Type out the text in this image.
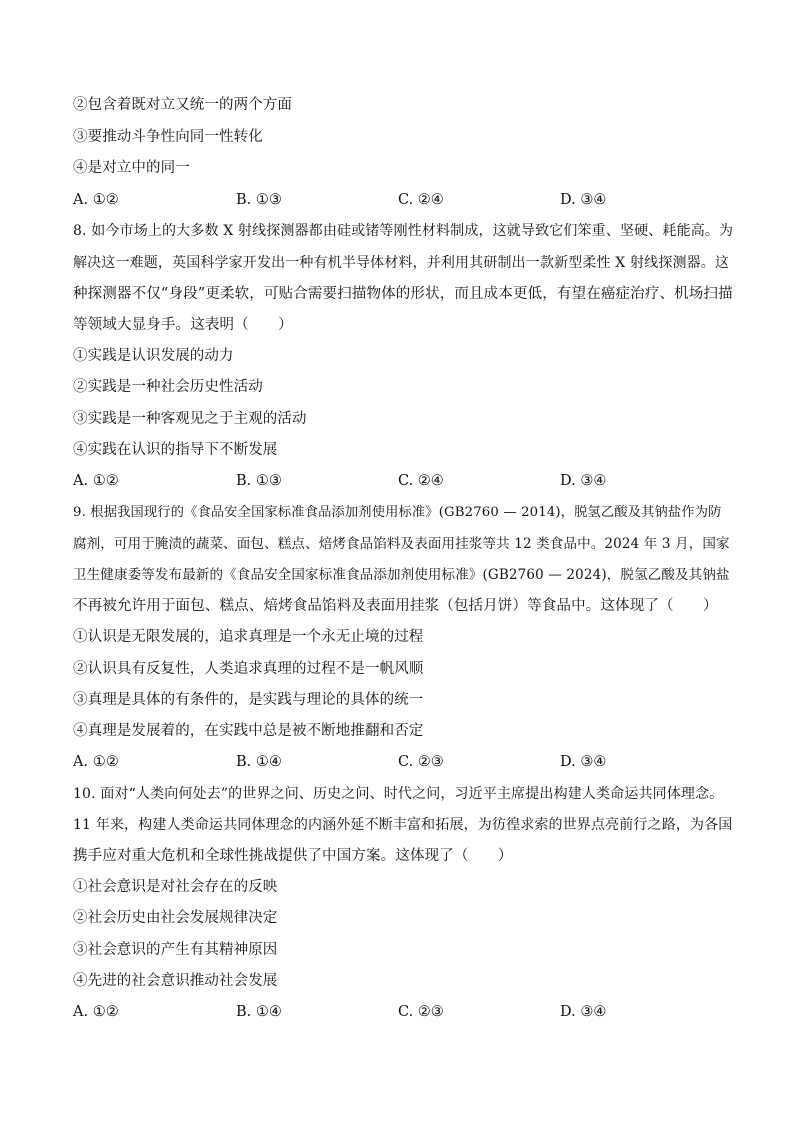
②包含着既对立又统一的两个方面
③要推动斗争性向同一性转化
④是对立中的同一
A. ①②	B. ①③	C. ②④	D. ③④
8. 如今市场上的大多数 X 射线探测器都由硅或锗等刚性材料制成，这就导致它们笨重、坚硬、耗能高。为
解决这一难题，英国科学家开发出一种有机半导体材料，并利用其研制出一款新型柔性 X 射线探测器。这
种探测器不仅“身段”更柔软，可贴合需要扫描物体的形状，而且成本更低，有望在癌症治疗、机场扫描
等领域大显身手。这表明（　　）
①实践是认识发展的动力
②实践是一种社会历史性活动
③实践是一种客观见之于主观的活动
④实践在认识的指导下不断发展
A. ①②	B. ①③	C. ②④	D. ③④
9. 根据我国现行的《食品安全国家标准食品添加剂使用标准》(GB2760 — 2014)，脱氢乙酸及其钠盐作为防
腐剂，可用于腌渍的蔬菜、面包、糕点、焙烤食品馅料及表面用挂浆等共 12 类食品中。2024 年 3 月，国家
卫生健康委等发布最新的《食品安全国家标准食品添加剂使用标准》(GB2760 — 2024)，脱氢乙酸及其钠盐
不再被允许用于面包、糕点、焙烤食品馅料及表面用挂浆（包括月饼）等食品中。这体现了（　　）
①认识是无限发展的，追求真理是一个永无止境的过程
②认识具有反复性，人类追求真理的过程不是一帆风顺
③真理是具体的有条件的，是实践与理论的具体的统一
④真理是发展着的，在实践中总是被不断地推翻和否定
A. ①②	B. ①④	C. ②③	D. ③④
10. 面对“人类向何处去”的世界之问、历史之问、时代之问，习近平主席提出构建人类命运共同体理念。
11 年来，构建人类命运共同体理念的内涵外延不断丰富和拓展，为彷徨求索的世界点亮前行之路，为各国
携手应对重大危机和全球性挑战提供了中国方案。这体现了（　　）
①社会意识是对社会存在的反映
②社会历史由社会发展规律决定
③社会意识的产生有其精神原因
④先进的社会意识推动社会发展
A. ①②	B. ①④	C. ②③	D. ③④
